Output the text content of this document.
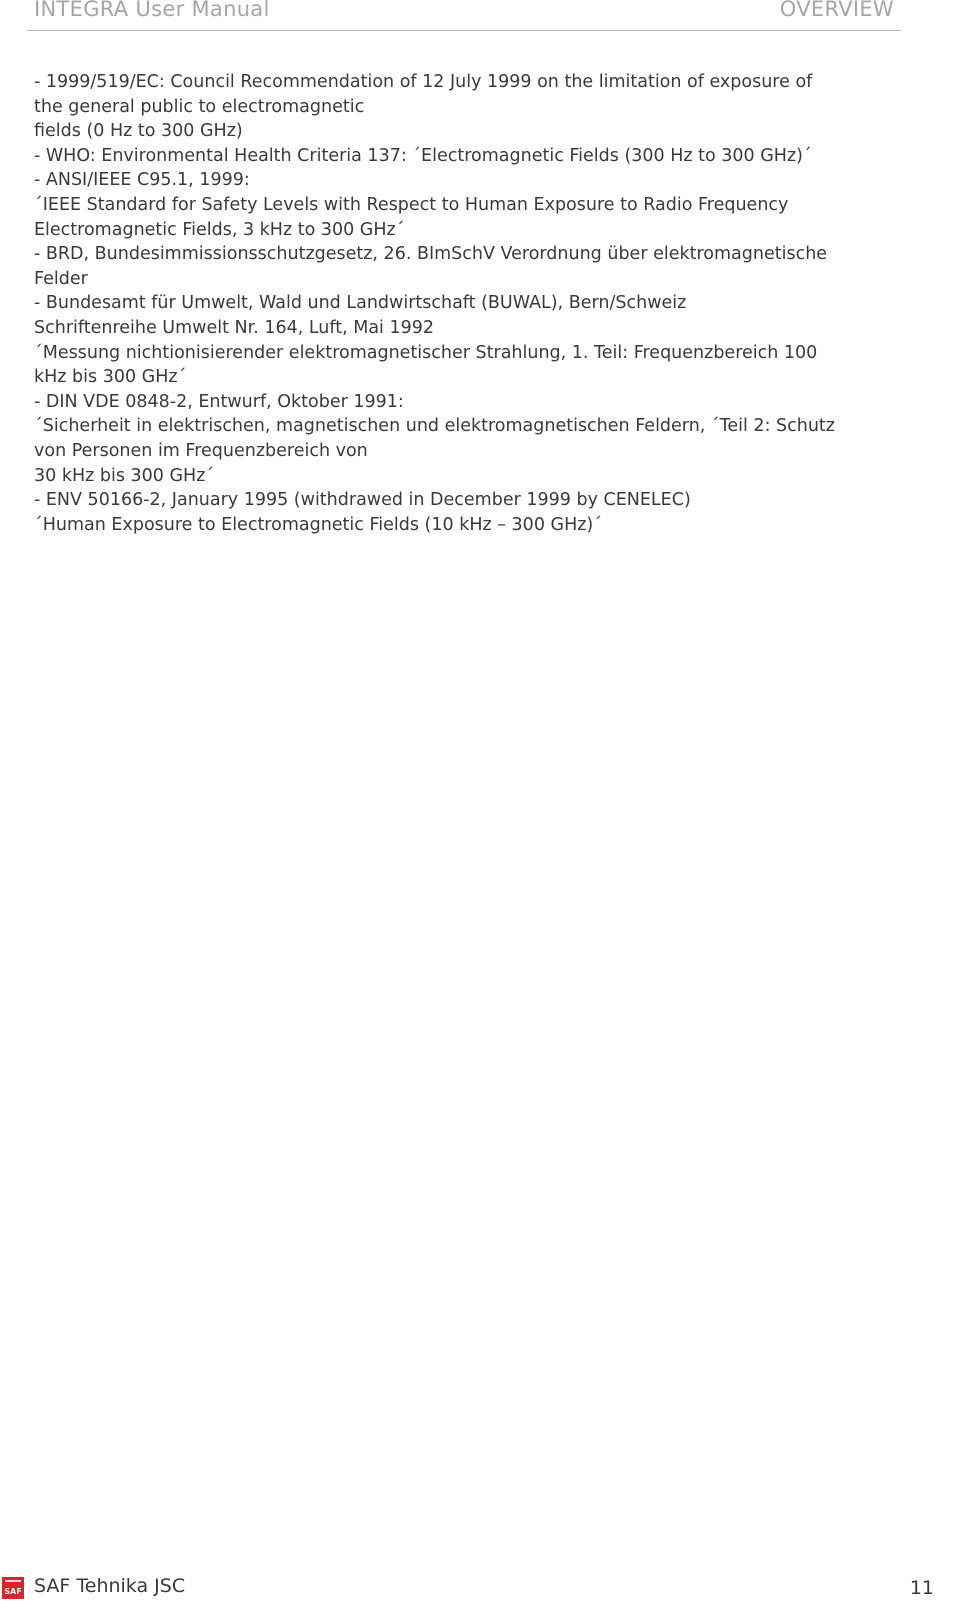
INTEGRA User Manual	OVERVIEW
- 1999/519/EC: Council Recommendation of 12 July 1999 on the limitation of exposure of
the general public to electromagnetic
fields (0 Hz to 300 GHz)
- WHO: Environmental Health Criteria 137: ´Electromagnetic Fields (300 Hz to 300 GHz)´
- ANSI/IEEE C95.1, 1999:
´IEEE Standard for Safety Levels with Respect to Human Exposure to Radio Frequency
Electromagnetic Fields, 3 kHz to 300 GHz´
- BRD, Bundesimmissionsschutzgesetz, 26. BImSchV Verordnung über elektromagnetische
Felder
- Bundesamt für Umwelt, Wald und Landwirtschaft (BUWAL), Bern/Schweiz
Schriftenreihe Umwelt Nr. 164, Luft, Mai 1992
´Messung nichtionisierender elektromagnetischer Strahlung, 1. Teil: Frequenzbereich 100
kHz bis 300 GHz´
- DIN VDE 0848-2, Entwurf, Oktober 1991:
´Sicherheit in elektrischen, magnetischen und elektromagnetischen Feldern, ´Teil 2: Schutz
von Personen im Frequenzbereich von
30 kHz bis 300 GHz´
- ENV 50166-2, January 1995 (withdrawed in December 1999 by CENELEC)
´Human Exposure to Electromagnetic Fields (10 kHz – 300 GHz)´
SAF SAF Tehnika JSC	11
